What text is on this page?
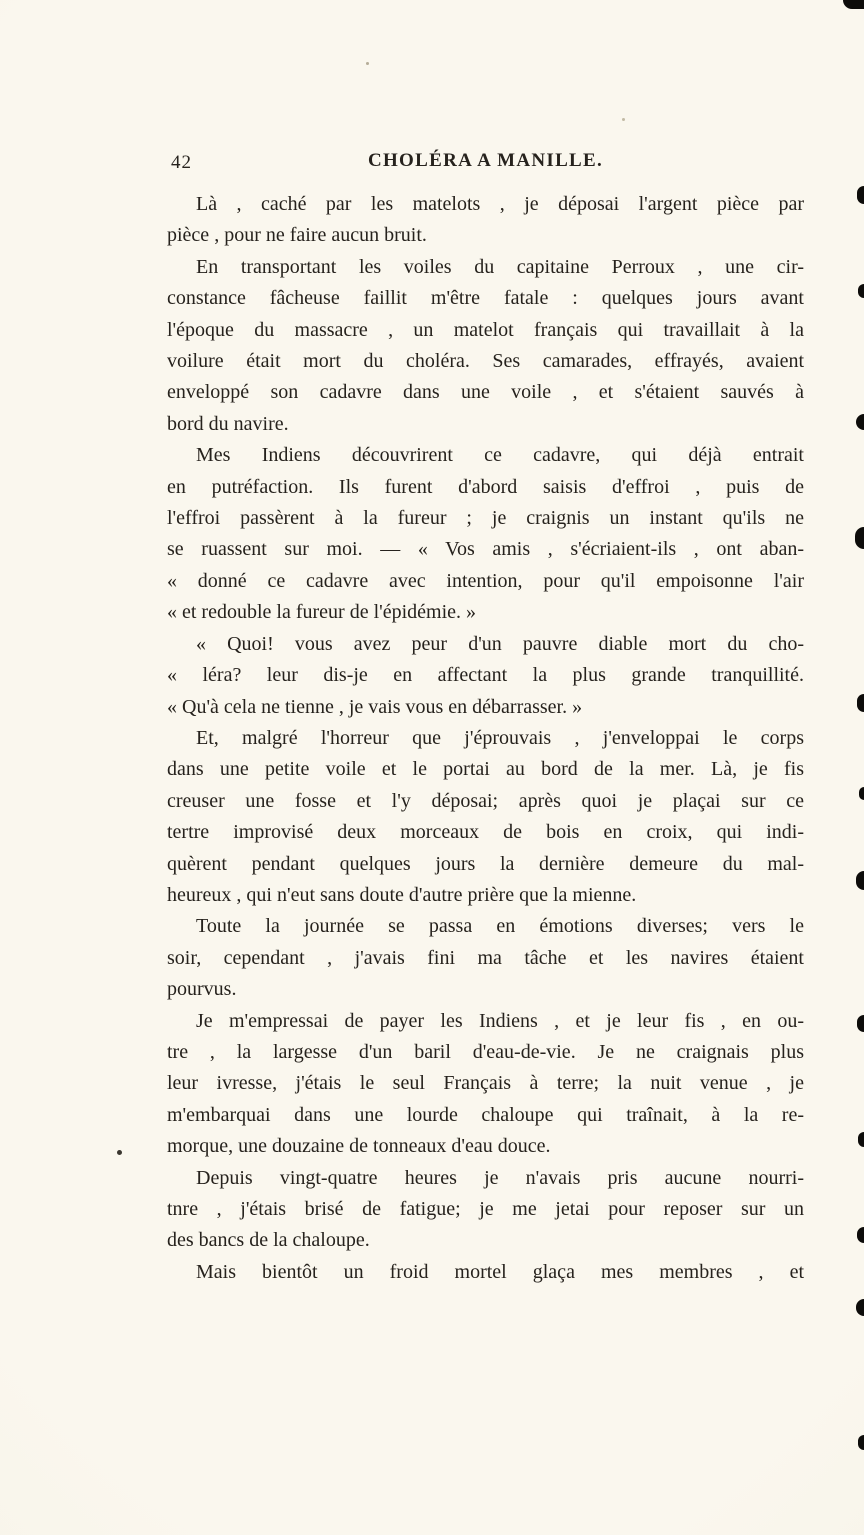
42	CHOLÉRA A MANILLE.
Là , caché par les matelots , je déposai l'argent pièce par
pièce , pour ne faire aucun bruit.
En transportant les voiles du capitaine Perroux , une cir-
constance fâcheuse faillit m'être fatale : quelques jours avant
l'époque du massacre , un matelot français qui travaillait à la
voilure était mort du choléra. Ses camarades, effrayés, avaient
enveloppé son cadavre dans une voile , et s'étaient sauvés à
bord du navire.
Mes Indiens découvrirent ce cadavre, qui déjà entrait
en putréfaction. Ils furent d'abord saisis d'effroi , puis de
l'effroi passèrent à la fureur ; je craignis un instant qu'ils ne
se ruassent sur moi. — « Vos amis , s'écriaient-ils , ont aban-
« donné ce cadavre avec intention, pour qu'il empoisonne l'air
« et redouble la fureur de l'épidémie. »
« Quoi! vous avez peur d'un pauvre diable mort du cho-
« léra? leur dis-je en affectant la plus grande tranquillité.
« Qu'à cela ne tienne , je vais vous en débarrasser. »
Et, malgré l'horreur que j'éprouvais , j'enveloppai le corps
dans une petite voile et le portai au bord de la mer. Là, je fis
creuser une fosse et l'y déposai; après quoi je plaçai sur ce
tertre improvisé deux morceaux de bois en croix, qui indi-
quèrent pendant quelques jours la dernière demeure du mal-
heureux , qui n'eut sans doute d'autre prière que la mienne.
Toute la journée se passa en émotions diverses; vers le
soir, cependant , j'avais fini ma tâche et les navires étaient
pourvus.
Je m'empressai de payer les Indiens , et je leur fis , en ou-
tre , la largesse d'un baril d'eau-de-vie. Je ne craignais plus
leur ivresse, j'étais le seul Français à terre; la nuit venue , je
m'embarquai dans une lourde chaloupe qui traînait, à la re-
morque, une douzaine de tonneaux d'eau douce.
Depuis vingt-quatre heures je n'avais pris aucune nourri-
tnre , j'étais brisé de fatigue; je me jetai pour reposer sur un
des bancs de la chaloupe.
Mais bientôt un froid mortel glaça mes membres , et
